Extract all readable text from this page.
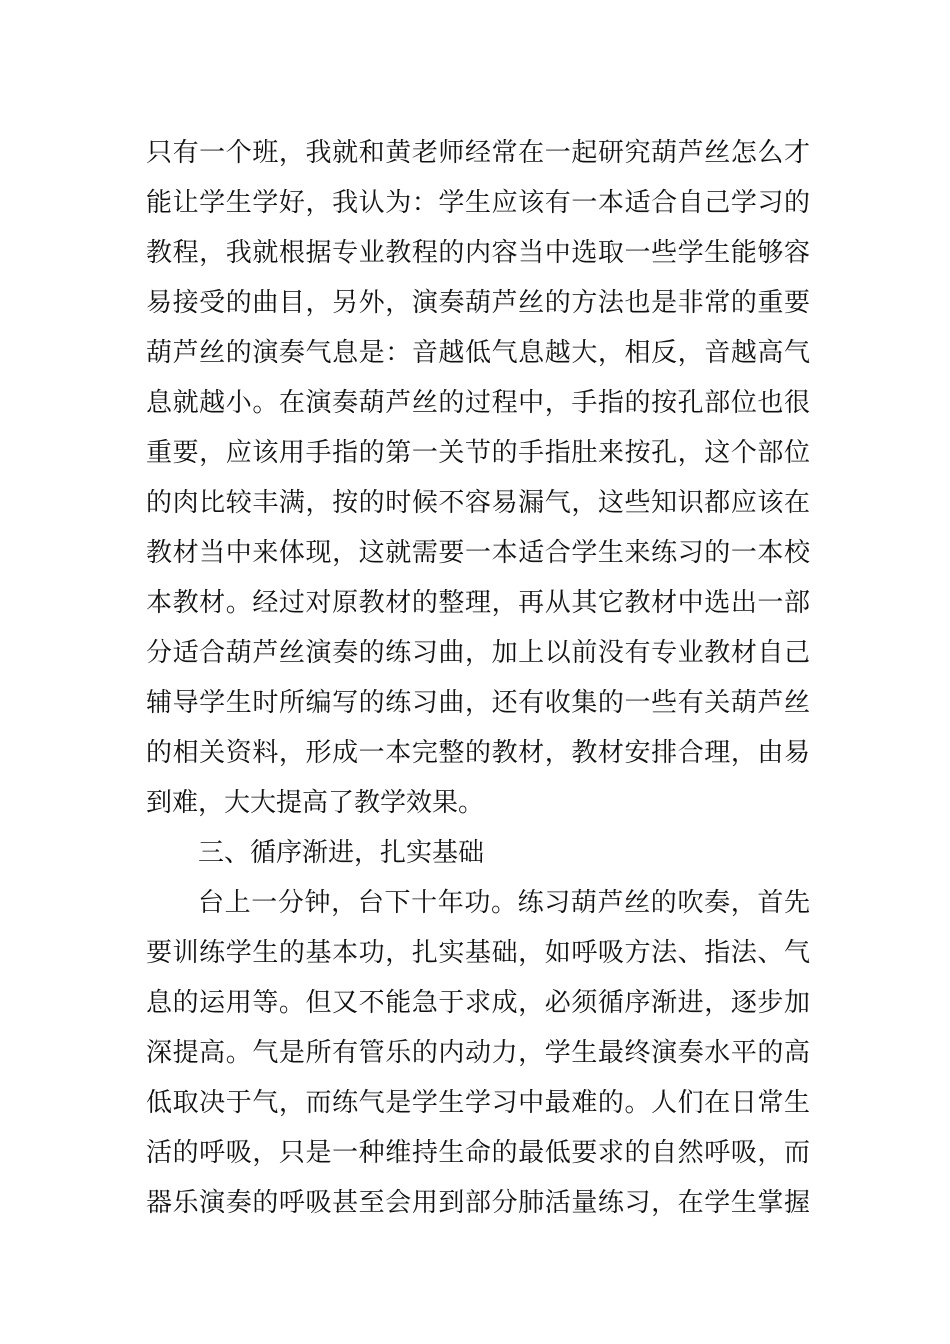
只有一个班，我就和黄老师经常在一起研究葫芦丝怎么才
能让学生学好，我认为：学生应该有一本适合自己学习的
教程，我就根据专业教程的内容当中选取一些学生能够容
易接受的曲目，另外，演奏葫芦丝的方法也是非常的重要
葫芦丝的演奏气息是：音越低气息越大，相反，音越高气
息就越小。在演奏葫芦丝的过程中，手指的按孔部位也很
重要，应该用手指的第一关节的手指肚来按孔，这个部位
的肉比较丰满，按的时候不容易漏气，这些知识都应该在
教材当中来体现，这就需要一本适合学生来练习的一本校
本教材。经过对原教材的整理，再从其它教材中选出一部
分适合葫芦丝演奏的练习曲，加上以前没有专业教材自己
辅导学生时所编写的练习曲，还有收集的一些有关葫芦丝
的相关资料，形成一本完整的教材，教材安排合理，由易
到难，大大提高了教学效果。
三、循序渐进，扎实基础
台上一分钟，台下十年功。练习葫芦丝的吹奏，首先
要训练学生的基本功，扎实基础，如呼吸方法、指法、气
息的运用等。但又不能急于求成，必须循序渐进，逐步加
深提高。气是所有管乐的内动力，学生最终演奏水平的高
低取决于气，而练气是学生学习中最难的。人们在日常生
活的呼吸，只是一种维持生命的最低要求的自然呼吸，而
器乐演奏的呼吸甚至会用到部分肺活量练习，在学生掌握
